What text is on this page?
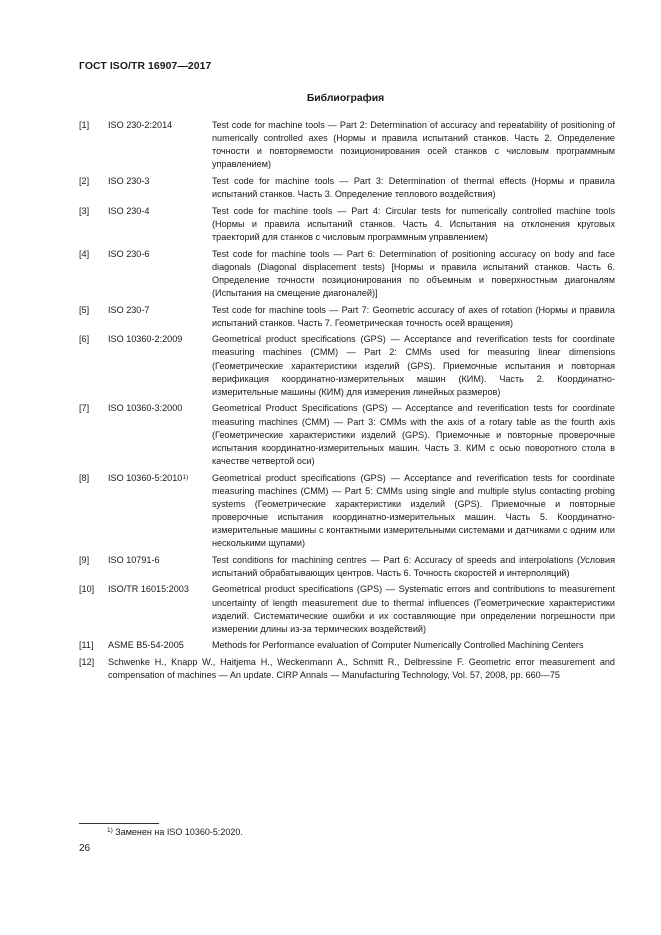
ГОСТ ISO/TR 16907—2017
Библиография
[1]	ISO 230-2:2014	Test code for machine tools — Part 2: Determination of accuracy and repeatability of positioning of numerically controlled axes (Нормы и правила испытаний станков. Часть 2. Определение точности и повторяемости позиционирования осей станков с числовым программным управлением)
[2]	ISO 230-3	Test code for machine tools — Part 3: Determination of thermal effects (Нормы и правила испытаний станков. Часть 3. Определение теплового воздействия)
[3]	ISO 230-4	Test code for machine tools — Part 4: Circular tests for numerically controlled machine tools (Нормы и правила испытаний станков. Часть 4. Испытания на отклонения круговых траекторий для станков с числовым программным управлением)
[4]	ISO 230-6	Test code for machine tools — Part 6: Determination of positioning accuracy on body and face diagonals (Diagonal displacement tests) [Нормы и правила испытаний станков. Часть 6. Определение точности позиционирования по объемным и поверхностным диагоналям (Испытания на смещение диагоналей)]
[5]	ISO 230-7	Test code for machine tools — Part 7: Geometric accuracy of axes of rotation (Нормы и правила испытаний станков. Часть 7. Геометрическая точность осей вращения)
[6]	ISO 10360-2:2009	Geometrical product specifications (GPS) — Acceptance and reverification tests for coordinate measuring machines (CMM) — Part 2: CMMs used for measuring linear dimensions (Геометрические характеристики изделий (GPS). Приемочные испытания и повторная верификация координатно-измерительных машин (КИМ). Часть 2. Координатно-измерительные машины (КИМ) для измерения линейных размеров)
[7]	ISO 10360-3:2000	Geometrical Product Specifications (GPS) — Acceptance and reverification tests for coordinate measuring machines (CMM) — Part 3: CMMs with the axis of a rotary table as the fourth axis (Геометрические характеристики изделий (GPS). Приемочные и повторные проверочные испытания координатно-измерительных машин. Часть 3. КИМ с осью поворотного стола в качестве четвертой оси)
[8]	ISO 10360-5:2010$^{1)}$	Geometrical product specifications (GPS) — Acceptance and reverification tests for coordinate measuring machines (CMM) — Part 5: CMMs using single and multiple stylus contacting probing systems (Геометрические характеристики изделий (GPS). Приемочные и повторные проверочные испытания координатно-измерительных машин. Часть 5. Координатно-измерительные машины с контактными измерительными системами и датчиками с одним или несколькими щупами)
[9]	ISO 10791-6	Test conditions for machining centres — Part 6: Accuracy of speeds and interpolations (Условия испытаний обрабатывающих центров. Часть 6. Точность скоростей и интерполяций)
[10]	ISO/TR 16015:2003	Geometrical product specifications (GPS) — Systematic errors and contributions to measurement uncertainty of length measurement due to thermal influences (Геометрические характеристики изделий. Систематические ошибки и их составляющие при определении погрешности при измерении длины из-за термических воздействий)
[11]	ASME B5-54-2005	Methods for Performance evaluation of Computer Numerically Controlled Machining Centers
[12]	Schwenke H., Knapp W., Haitjema H., Weckenmann A., Schmitt R., Delbressine F. Geometric error measurement and compensation of machines — An update. CIRP Annals — Manufacturing Technology, Vol. 57, 2008, pp. 660—75
$^{1)}$ Заменен на ISO 10360-5:2020.
26
